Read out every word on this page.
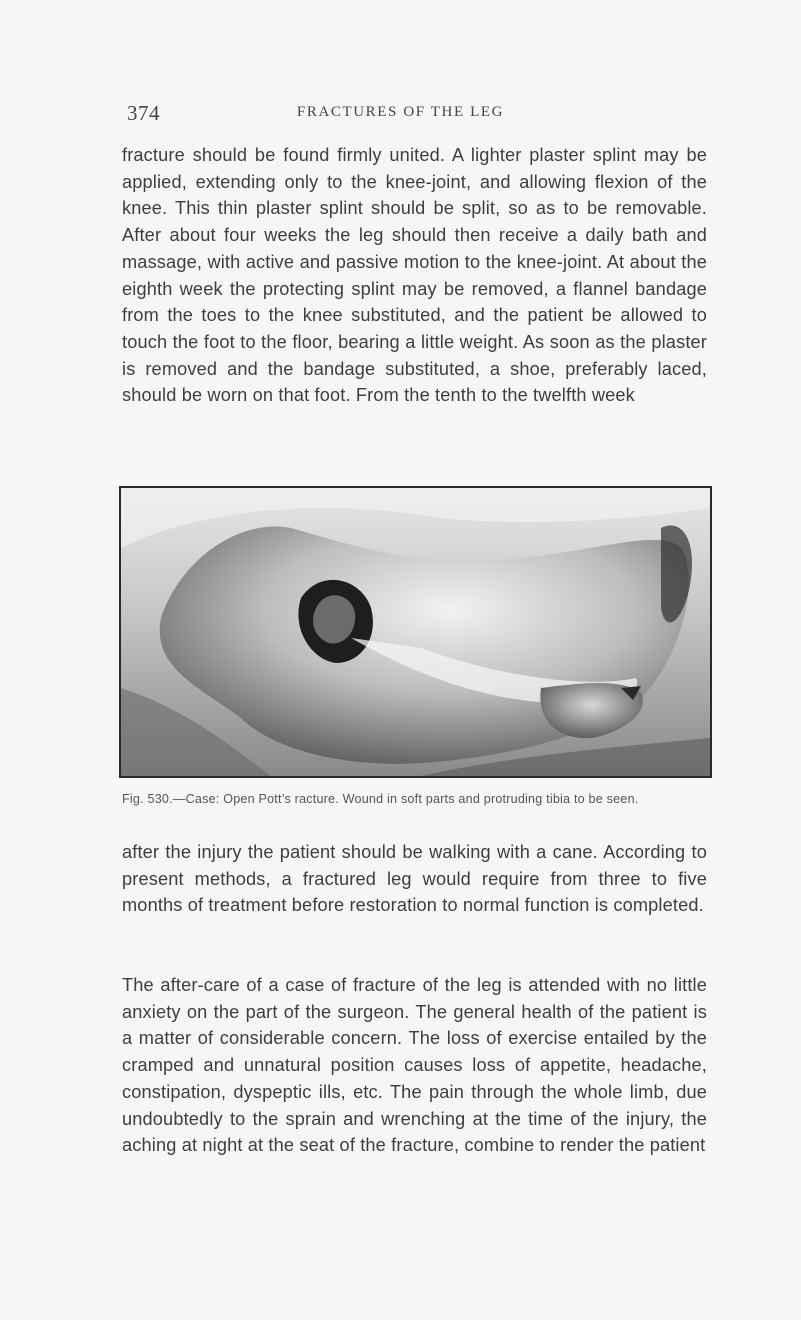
374	FRACTURES OF THE LEG

fracture should be found firmly united. A lighter plaster splint may be applied, extending only to the knee-joint, and allowing flexion of the knee. This thin plaster splint should be split, so as to be removable. After about four weeks the leg should then receive a daily bath and massage, with active and passive motion to the knee-joint. At about the eighth week the protecting splint may be removed, a flannel bandage from the toes to the knee substituted, and the patient be allowed to touch the foot to the floor, bearing a little weight. As soon as the plaster is removed and the bandage substituted, a shoe, preferably laced, should be worn on that foot. From the tenth to the twelfth week

Fig. 530.—Case: Open Pott’s racture. Wound in soft parts and protruding tibia to be seen.

after the injury the patient should be walking with a cane. According to present methods, a fractured leg would require from three to five months of treatment before restoration to normal function is completed.

The after-care of a case of fracture of the leg is attended with no little anxiety on the part of the surgeon. The general health of the patient is a matter of considerable concern. The loss of exercise entailed by the cramped and unnatural position causes loss of appetite, headache, constipation, dyspeptic ills, etc. The pain through the whole limb, due undoubtedly to the sprain and wrenching at the time of the injury, the aching at night at the seat of the fracture, combine to render the patient
